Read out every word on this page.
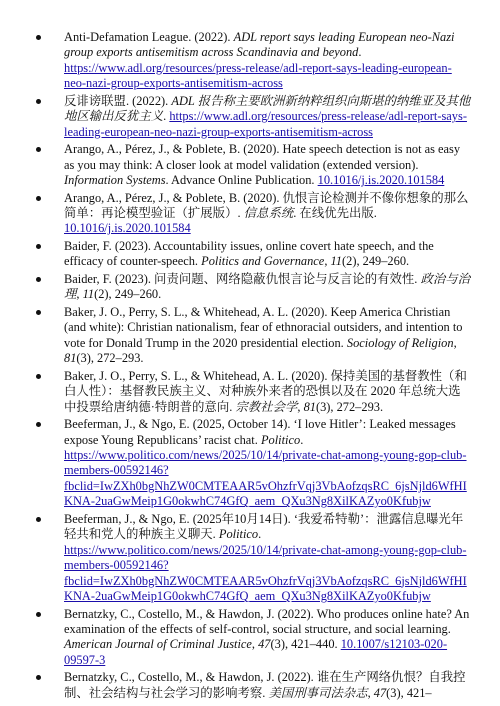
Anti-Defamation League. (2022). ADL report says leading European neo-Nazi group exports antisemitism across Scandinavia and beyond. https://www.adl.org/resources/press-release/adl-report-says-leading-european-neo-nazi-group-exports-antisemitism-across
反诽谤联盟. (2022). ADL 报告称主要欧洲新纳粹组织向斯堪的纳维亚及其他地区输出反犹主义. https://www.adl.org/resources/press-release/adl-report-says-leading-european-neo-nazi-group-exports-antisemitism-across
Arango, A., Pérez, J., & Poblete, B. (2020). Hate speech detection is not as easy as you may think: A closer look at model validation (extended version). Information Systems. Advance Online Publication. 10.1016/j.is.2020.101584
Arango, A., Pérez, J., & Poblete, B. (2020). 仇恨言论检测并不像你想象的那么简单：再论模型验证（扩展版）. 信息系统. 在线优先出版. 10.1016/j.is.2020.101584
Baider, F. (2023). Accountability issues, online covert hate speech, and the efficacy of counter-speech. Politics and Governance, 11(2), 249–260.
Baider, F. (2023). 问责问题、网络隐蔽仇恨言论与反言论的有效性. 政治与治理, 11(2), 249–260.
Baker, J. O., Perry, S. L., & Whitehead, A. L. (2020). Keep America Christian (and white): Christian nationalism, fear of ethnoracial outsiders, and intention to vote for Donald Trump in the 2020 presidential election. Sociology of Religion, 81(3), 272–293.
Baker, J. O., Perry, S. L., & Whitehead, A. L. (2020). 保持美国的基督教性（和白人性）：基督教民族主义、对种族外来者的恐惧以及在 2020 年总统大选中投票给唐纳德·特朗普的意向. 宗教社会学, 81(3), 272–293.
Beeferman, J., & Ngo, E. (2025, October 14). ‘I love Hitler’: Leaked messages expose Young Republicans’ racist chat. Politico. https://www.politico.com/news/2025/10/14/private-chat-among-young-gop-club-members-00592146?fbclid=IwZXh0bgNhZW0CMTEAAR5vOhzfrVqj3VbAofzqsRC_6jsNjld6WfHIKNA-2uaGwMeip1G0okwhC74GfQ_aem_QXu3Ng8XilKAZyo0Kfubjw
Beeferman, J., & Ngo, E. (2025年10月14日). ‘我爱希特勒’：泄露信息曝光年轻共和党人的种族主义聊天. Politico. https://www.politico.com/news/2025/10/14/private-chat-among-young-gop-club-members-00592146?fbclid=IwZXh0bgNhZW0CMTEAAR5vOhzfrVqj3VbAofzqsRC_6jsNjld6WfHIKNA-2uaGwMeip1G0okwhC74GfQ_aem_QXu3Ng8XilKAZyo0Kfubjw
Bernatzky, C., Costello, M., & Hawdon, J. (2022). Who produces online hate? An examination of the effects of self-control, social structure, and social learning. American Journal of Criminal Justice, 47(3), 421–440. 10.1007/s12103-020-09597-3
Bernatzky, C., Costello, M., & Hawdon, J. (2022). 谁在生产网络仇恨？自我控制、社会结构与社会学习的影响考察. 美国刑事司法杂志, 47(3), 421–
